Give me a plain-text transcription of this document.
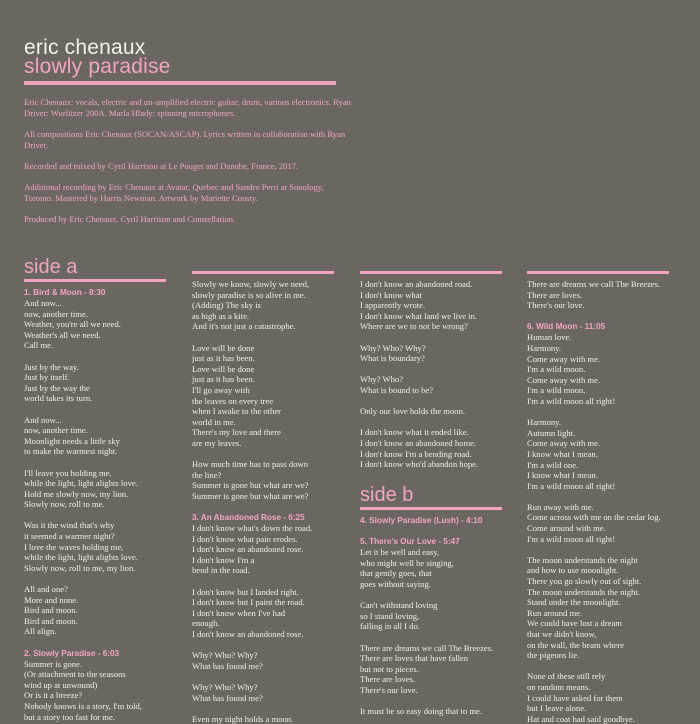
eric chenaux
slowly paradise

Eric Chenaux: vocals, electric and un-amplified electric guitar, drum, various electronics. Ryan Driver: Wurlitzer 200A. Marla Hlady: spinning microphones.

All compositions Eric Chenaux (SOCAN/ASCAP). Lyrics written in collaboration with Ryan Driver.

Recorded and mixed by Cyril Harrison at Le Pouget and Danube, France, 2017.

Additional recording by Eric Chenaux at Avatar, Quebec and Sandro Perri at Sonology, Toronto. Mastered by Harris Newman. Artwork by Mariette Cousty.

Produced by Eric Chenaux, Cyril Harrison and Constellation.

side a
1. Bird & Moon - 8:30
And now...
now, another time.
Weather, you're all we need.
Weather's all we need.
Call me.
Just by the way.
Just by itself.
Just by the way the
world takes its turn.
And now...
now, another time.
Moonlight needs a little sky
to make the warmest night.
I'll leave you holding me.
while the light, light alights love.
Hold me slowly now, my lion.
Slowly now, roll to me.
Was it the wind that's why
it seemed a warmer night?
I love the waves holding me,
while the light, light alights love.
Slowly now, roll to me, my lion.
All and one?
More and none.
Bird and moon.
Bird and moon.
All align.
2. Slowly Paradise - 6:03
Summer is gone.
(Or attachment to the seasons
wind up at unwound)
Or is it a breeze?
Nobody knows is a story, I'm told,
but a story too fast for me.
Slowly we know, slowly we need,
slowly paradise is so alive in me.
(Adding) The sky is
as high as a kite.
And it's not just a catastrophe.
Love will be done
just as it has been.
Love will be done
just as it has been.
I'll go away with
the leaves on every tree
when I awake to the other
world in me.
There's my love and there
are my leaves.
How much time has to pass down
the line?
Summer is gone but what are we?
Summer is gone but what are we?
3. An Abandoned Rose - 6:25
I don't know what's down the road.
I don't know what pain erodes.
I don't know an abandoned rose.
I don't know I'm a
bend in the road.
I don't know but I landed right.
I don't know but I paint the road.
I don't know when I've had
enough.
I don't know an abandoned rose.
Why? Who? Why?
What has found me?
Why? Who? Why?
What has found me?
Even my night holds a moon.
I don't know an abandoned road.
I don't know what
I apparently wrote.
I don't know what land we live in.
Where are we to not be wrong?
Why? Who? Why?
What is boundary?
Why? Who?
What is bound to be?
Only our love holds the moon.
I don't know what it ended like.
I don't know an abandoned home.
I don't know I'm a bending road.
I don't know who'd abandon hope.
side b
4. Slowly Paradise (Lush) - 4:10
5. There's Our Love - 5:47
Let it be well and easy,
who might well be singing,
that gently goes, that
goes without saying.
Can't withstand loving
so I stand loving,
falling in all I do.
There are dreams we call The Breezes.
There are loves that have fallen
but not to pieces.
There are loves.
There's our love.
It must be so easy doing that to me.
There are dreams we call The Breezes.
There are loves.
There's our love.
6. Wild Moon - 11:05
Human love.
Harmony.
Come away with me.
I'm a wild moon.
Come away with me.
I'm a wild moon.
I'm a wild moon all right!
Harmony.
Autumn light.
Come away with me.
I know what I mean.
I'm a wild one.
I know what I mean.
I'm a wild moon all right!
Run away with me.
Come across with me on the cedar log.
Come around with me.
I'm a wild moon all right!
The moon understands the night
and how to use moonlight.
There you go slowly out of sight.
The moon understands the night.
Stand under the moonlight.
Run around me.
We could have lost a dream
that we didn't know,
on the wall, the beam where
the pigeons lie.
None of these still rely
on random means.
I could have asked for them
but I leave alone.
Hat and coat had said goodbye.
